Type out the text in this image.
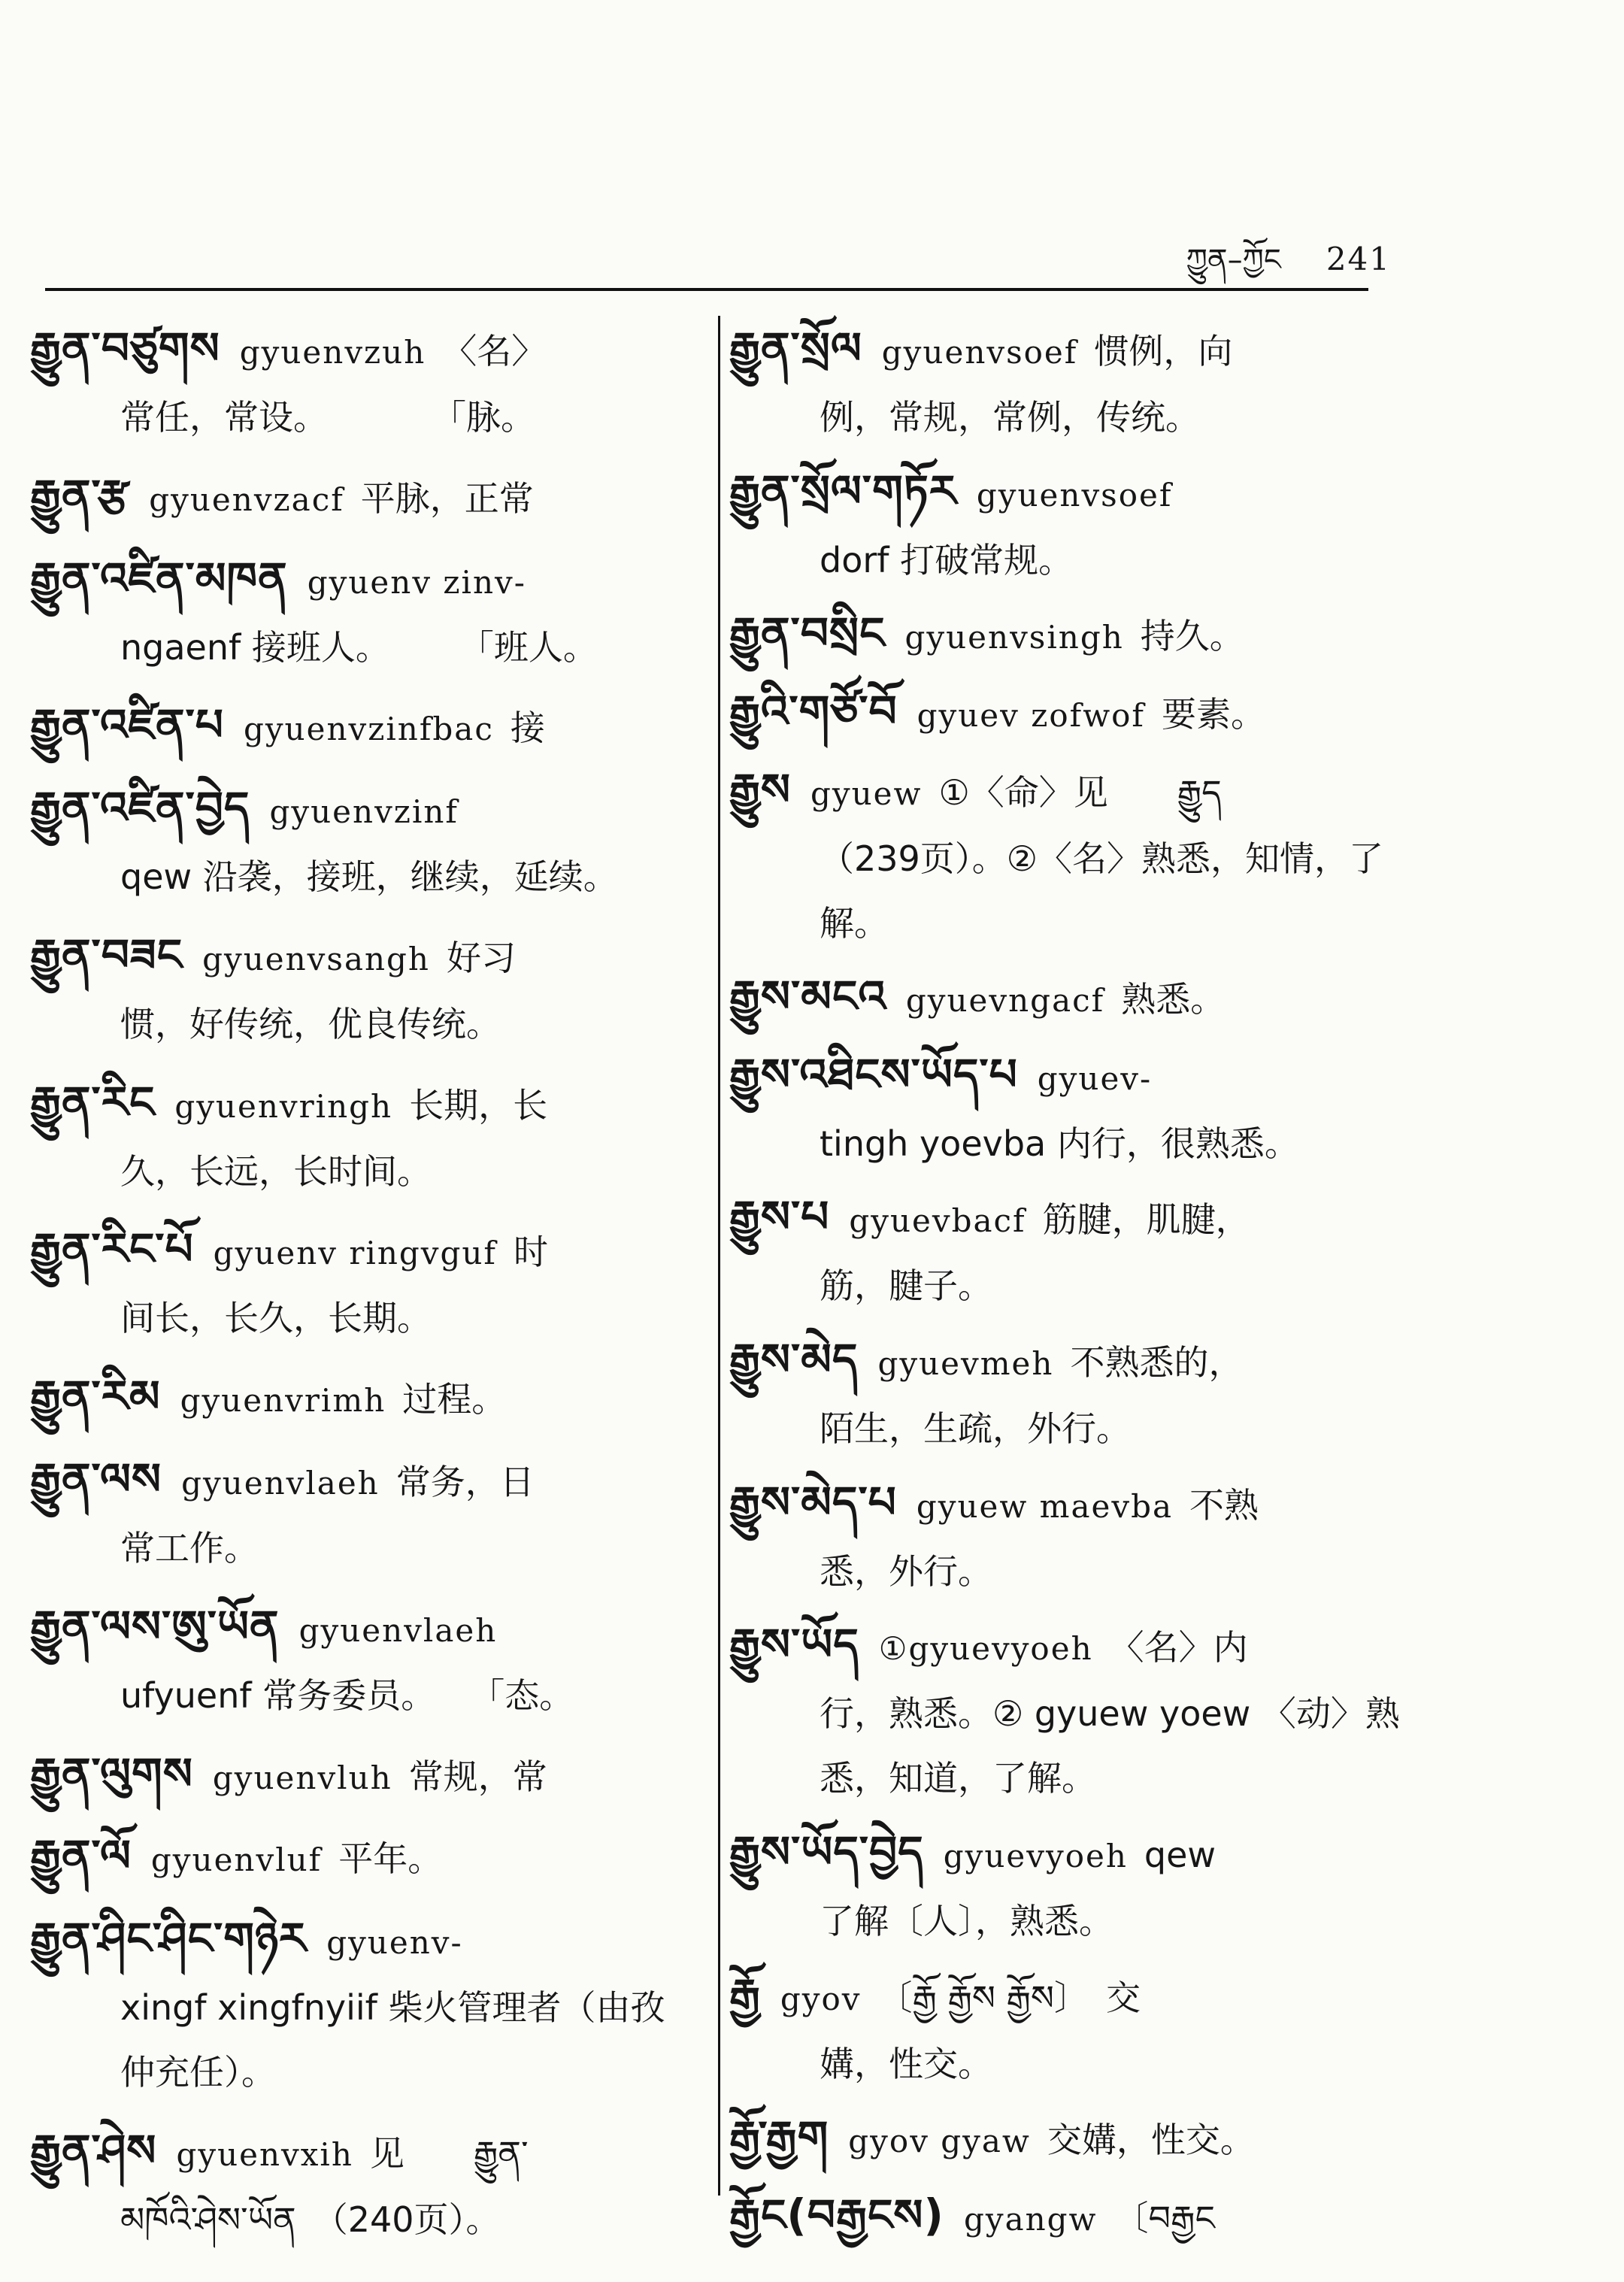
ཀྱུན–ཀྱོང 241
རྒྱུན་བཙུགས gyuenvzuh 〈名〉
常任，常设。　　　　「脉。
རྒྱུན་རྩ gyuenvzacf 平脉，正常
རྒྱུན་འཛིན་མཁན gyuenv zinv-
ngaenf 接班人。　　　「班人。
རྒྱུན་འཛིན་པ gyuenvzinfbac 接
རྒྱུན་འཛིན་བྱེད gyuenvzinf
qew 沿袭，接班，继续，延续。
རྒྱུན་བཟང gyuenvsangh 好习
惯，好传统，优良传统。
རྒྱུན་རིང gyuenvringh 长期，长
久，长远，长时间。
རྒྱུན་རིང་པོ gyuenv ringvguf 时
间长，长久，长期。
རྒྱུན་རིམ gyuenvrimh 过程。
རྒྱུན་ལས gyuenvlaeh 常务，日
常工作。
རྒྱུན་ལས་ཨུ་ཡོན gyuenvlaeh
ufyuenf 常务委员。　　「态。
རྒྱུན་ལུགས gyuenvluh 常规，常
རྒྱུན་ལོ gyuenvluf 平年。
རྒྱུན་ཤིང་ཤིང་གཉེར gyuenv-
xingf xingfnyiif 柴火管理者（由孜仲充任）。
རྒྱུན་ཤེས gyuenvxih 见　　རྒྱུན་
མཁོའི་ཤེས་ཡོན　（240页）。
རྒྱུན་སྲོལ gyuenvsoef 惯例，向
例，常规，常例，传统。
རྒྱུན་སྲོལ་གཏོར gyuenvsoef
dorf 打破常规。
རྒྱུན་བསྲིང gyuenvsingh 持久。
རྒྱུའི་གཙོ་བོ gyuev zofwof 要素。
རྒྱུས gyuew ①〈命〉见　　རྒྱུད
（239页）。②〈名〉熟悉，知情，了解。
རྒྱུས་མངའ gyuevngacf 熟悉。
རྒྱུས་འཐིངས་ཡོད་པ gyuev-
tingh yoevba 内行，很熟悉。
རྒྱུས་པ gyuevbacf 筋腱，肌腱，
筋，腱子。
རྒྱུས་མེད gyuevmeh 不熟悉的，
陌生，生疏，外行。
རྒྱུས་མེད་པ gyuew maevba 不熟
悉，外行。
རྒྱུས་ཡོད ①gyuevyoeh 〈名〉内
行，熟悉。② gyuew yoew 〈动〉熟悉，知道，了解。
རྒྱུས་ཡོད་བྱེད gyuevyoeh qew
了解〔人〕，熟悉。
རྒྱོ gyov 〔རྒྱོ རྒྱོས རྒྱོས〕　交
媾，性交。
རྒྱོ་རྒྱག gyov gyaw 交媾，性交。
རྒྱོང(བརྒྱངས) gyangw 〔བརྒྱང
